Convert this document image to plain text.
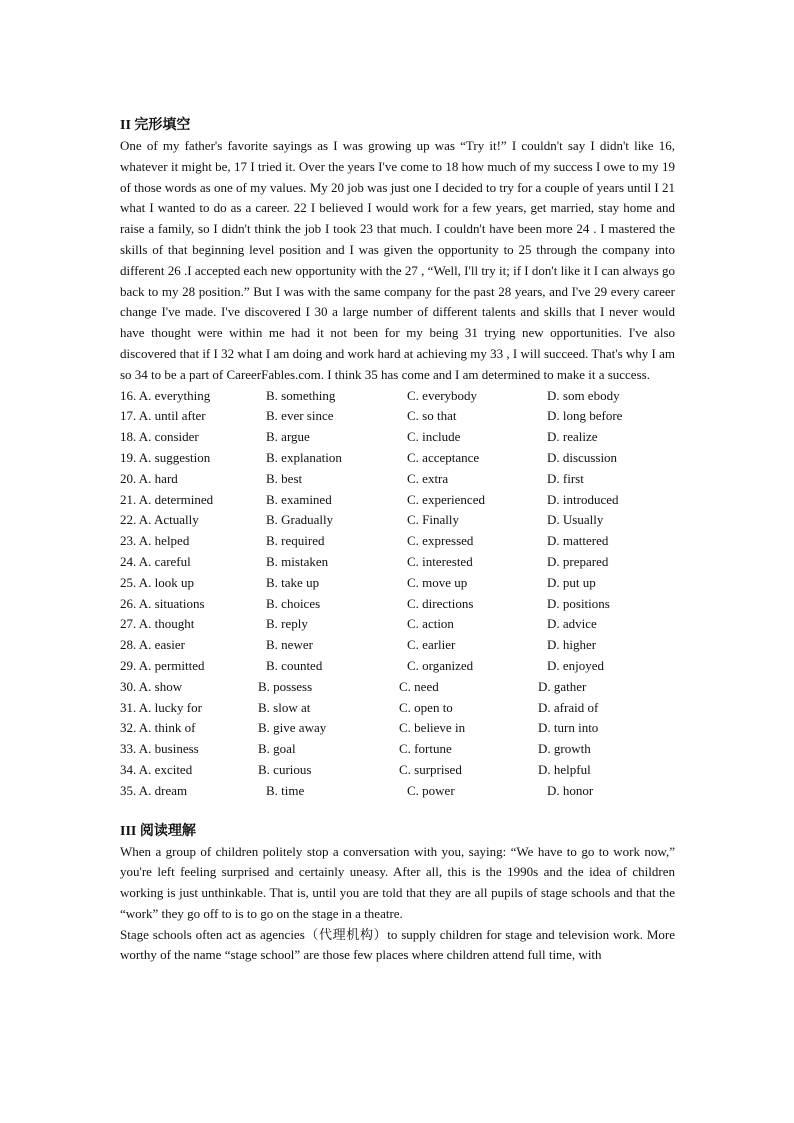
II 完形填空

One of my father's favorite sayings as I was growing up was “Try it!” I couldn't say I didn't like 16, whatever it might be, 17 I tried it. Over the years I've come to 18 how much of my success I owe to my 19 of those words as one of my values. My 20 job was just one I decided to try for a couple of years until I 21 what I wanted to do as a career. 22 I believed I would work for a few years, get married, stay home and raise a family, so I didn't think the job I took 23 that much. I couldn't have been more 24 . I mastered the skills of that beginning level position and I was given the opportunity to 25 through the company into different 26 .I accepted each new opportunity with the 27 , “Well, I'll try it; if I don't like it I can always go back to my 28 position.” But I was with the same company for the past 28 years, and I've 29 every career change I've made. I've discovered I 30 a large number of different talents and skills that I never would have thought were within me had it not been for my being 31 trying new opportunities. I've also discovered that if I 32 what I am doing and work hard at achieving my 33 , I will succeed. That's why I am so 34 to be a part of CareerFables.com. I think 35 has come and I am determined to make it a success.

16. A. everything	B. something	C. everybody	D. som ebody
17. A. until after	B. ever since	C. so that	D. long before
18. A. consider	B. argue	C. include	D. realize
19. A. suggestion	B. explanation	C. acceptance	D. discussion
20. A. hard	B. best	C. extra	D. first
21. A. determined	B. examined	C. experienced	D. introduced
22. A. Actually	B. Gradually	C. Finally	D. Usually
23. A. helped	B. required	C. expressed	D. mattered
24. A. careful	B. mistaken	C. interested	D. prepared
25. A. look up	B. take up	C. move up	D. put up
26. A. situations	B. choices	C. directions	D. positions
27. A. thought	B. reply	C. action	D. advice
28. A. easier	B. newer	C. earlier	D. higher
29. A. permitted	B. counted	C. organized	D. enjoyed
30. A. show	B. possess	C. need	D. gather
31. A. lucky for	B. slow at	C. open to	D. afraid of
32. A. think of	B. give away	C. believe in	D. turn into
33. A. business	B. goal	C. fortune	D. growth
34. A. excited	B. curious	C. surprised	D. helpful
35. A. dream	B. time	C. power	D. honor

III 阅读理解

When a group of children politely stop a conversation with you, saying: “We have to go to work now,” you're left feeling surprised and certainly uneasy. After all, this is the 1990s and the idea of children working is just unthinkable. That is, until you are told that they are all pupils of stage schools and that the “work” they go off to is to go on the stage in a theatre.

Stage schools often act as agencies（代理机构）to supply children for stage and television work. More worthy of the name “stage school” are those few places where children attend full time, with
